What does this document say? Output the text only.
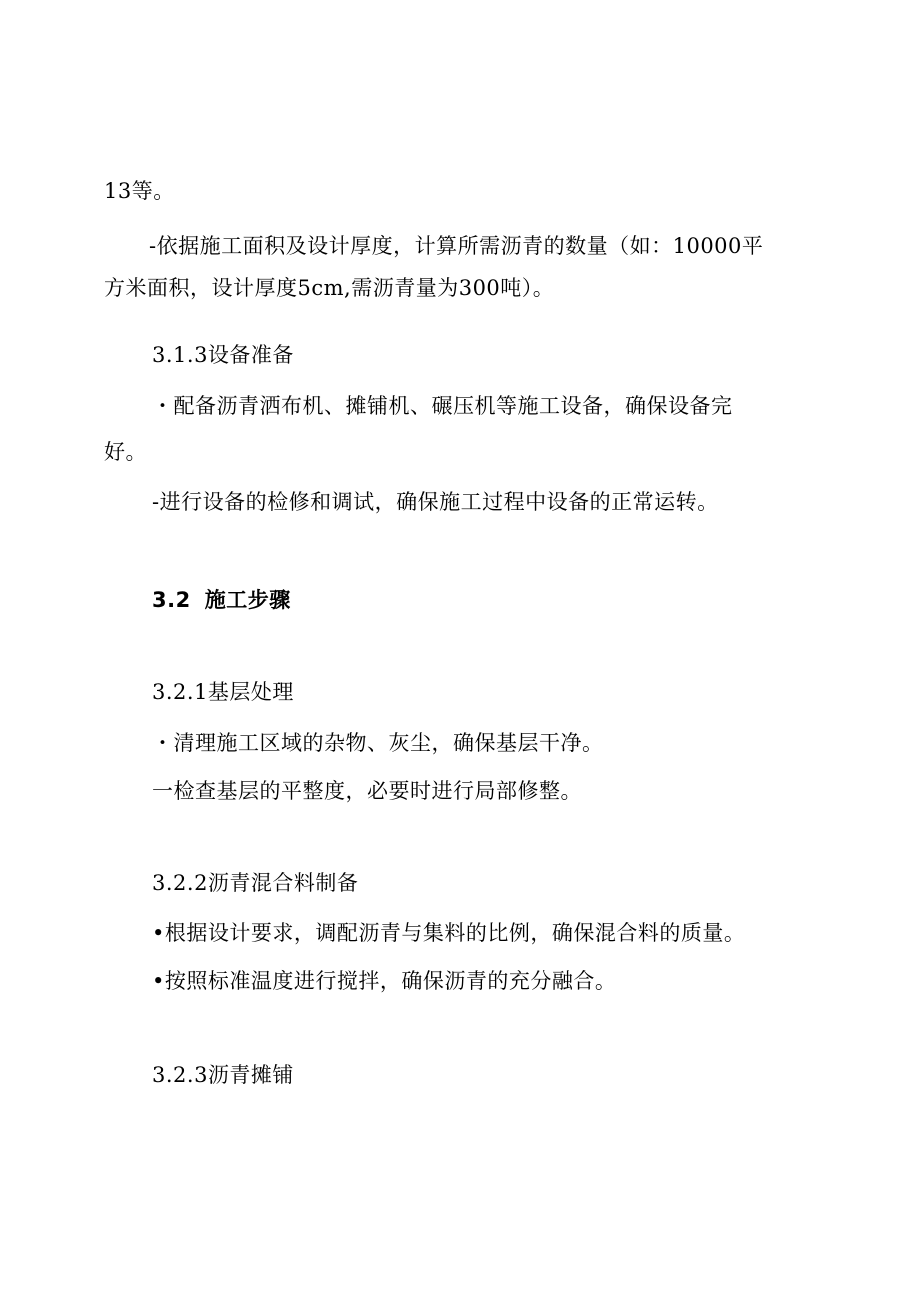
13等。
-依据施工面积及设计厚度，计算所需沥青的数量（如：10000平
方米面积，设计厚度5cm,需沥青量为300吨）。
3.1.3设备准备
・配备沥青洒布机、摊铺机、碾压机等施工设备，确保设备完
好。
-进行设备的检修和调试，确保施工过程中设备的正常运转。
3.2 施工步骤
3.2.1基层处理
・清理施工区域的杂物、灰尘，确保基层干净。
一检查基层的平整度，必要时进行局部修整。
3.2.2沥青混合料制备
•根据设计要求，调配沥青与集料的比例，确保混合料的质量。
•按照标准温度进行搅拌，确保沥青的充分融合。
3.2.3沥青摊铺
